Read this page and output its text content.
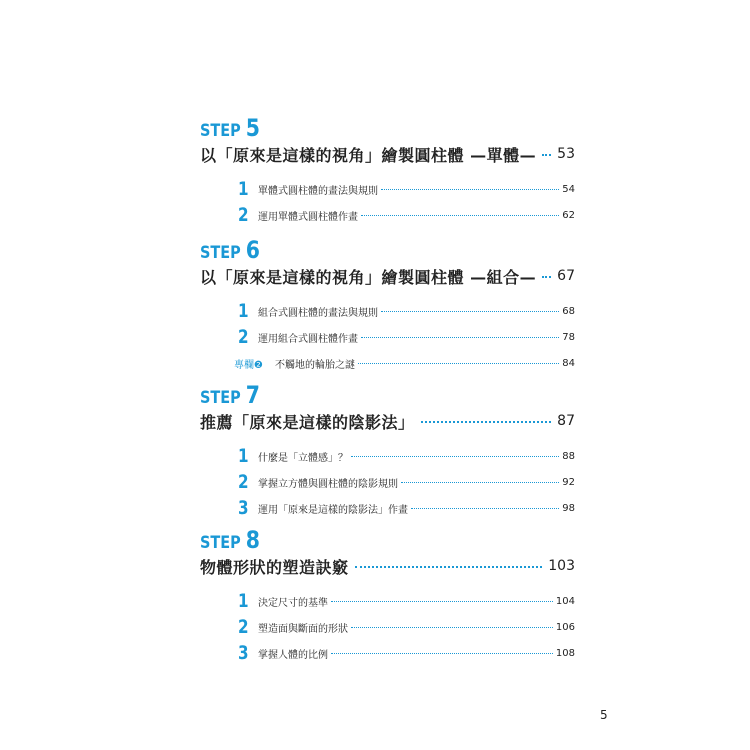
STEP 5
以「原來是這樣的視角」繪製圓柱體 —單體— 53
1 單體式圓柱體的畫法與規則	54
2 運用單體式圓柱體作畫	62
STEP 6
以「原來是這樣的視角」繪製圓柱體 —組合— 67
1 組合式圓柱體的畫法與規則	68
2 運用組合式圓柱體作畫	78
專欄❷ 不觸地的輪胎之謎	84
STEP 7
推薦「原來是這樣的陰影法」	87
1 什麼是「立體感」？	88
2 掌握立方體與圓柱體的陰影規則	92
3 運用「原來是這樣的陰影法」作畫	98
STEP 8
物體形狀的塑造訣竅	103
1 決定尺寸的基準	104
2 塑造面與斷面的形狀	106
3 掌握人體的比例	108
5
